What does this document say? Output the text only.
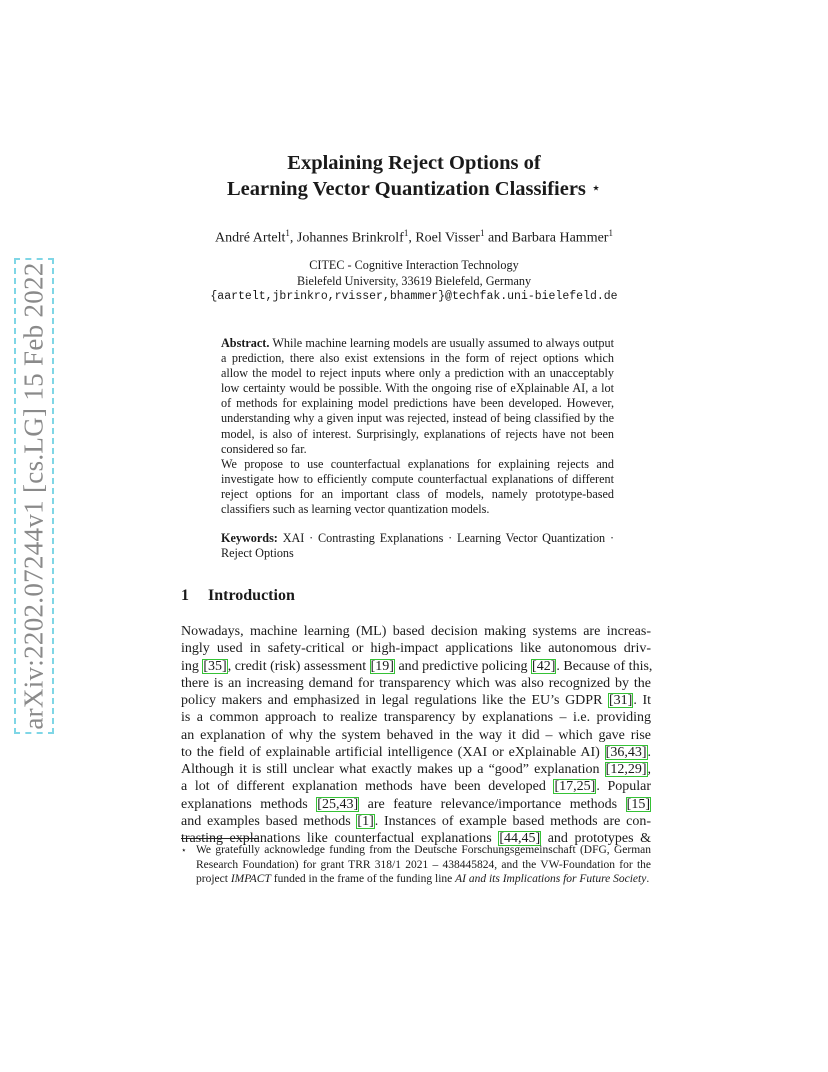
arXiv:2202.07244v1 [cs.LG] 15 Feb 2022
Explaining Reject Options of
Learning Vector Quantization Classifiers ⋆
André Artelt$^1$, Johannes Brinkrolf$^1$, Roel Visser$^1$ and Barbara Hammer$^1$
CITEC - Cognitive Interaction Technology
Bielefeld University, 33619 Bielefeld, Germany
{aartelt,jbrinkro,rvisser,bhammer}@techfak.uni-bielefeld.de
Abstract. While machine learning models are usually assumed to always output a prediction, there also exist extensions in the form of reject options which allow the model to reject inputs where only a prediction with an unacceptably low certainty would be possible. With the ongoing rise of eXplainable AI, a lot of methods for explaining model predictions have been developed. However, understanding why a given input was rejected, instead of being classified by the model, is also of interest. Surprisingly, explanations of rejects have not been considered so far.
We propose to use counterfactual explanations for explaining rejects and investigate how to efficiently compute counterfactual explanations of different reject options for an important class of models, namely prototype-based classifiers such as learning vector quantization models.
Keywords: XAI · Contrasting Explanations · Learning Vector Quantization · Reject Options
1 Introduction
Nowadays, machine learning (ML) based decision making systems are increas-
ingly used in safety-critical or high-impact applications like autonomous driv-
ing [35], credit (risk) assessment [19] and predictive policing [42]. Because of this,
there is an increasing demand for transparency which was also recognized by the
policy makers and emphasized in legal regulations like the EU’s GDPR [31]. It
is a common approach to realize transparency by explanations – i.e. providing
an explanation of why the system behaved in the way it did – which gave rise
to the field of explainable artificial intelligence (XAI or eXplainable AI) [36,43].
Although it is still unclear what exactly makes up a “good” explanation [12,29],
a lot of different explanation methods have been developed [17,25]. Popular
explanations methods [25,43] are feature relevance/importance methods [15]
and examples based methods [1]. Instances of example based methods are con-
trasting explanations like counterfactual explanations [44,45] and prototypes &
⋆ We gratefully acknowledge funding from the Deutsche Forschungsgemeinschaft (DFG, German Research Foundation) for grant TRR 318/1 2021 – 438445824, and the VW-Foundation for the project IMPACT funded in the frame of the funding line AI and its Implications for Future Society.
